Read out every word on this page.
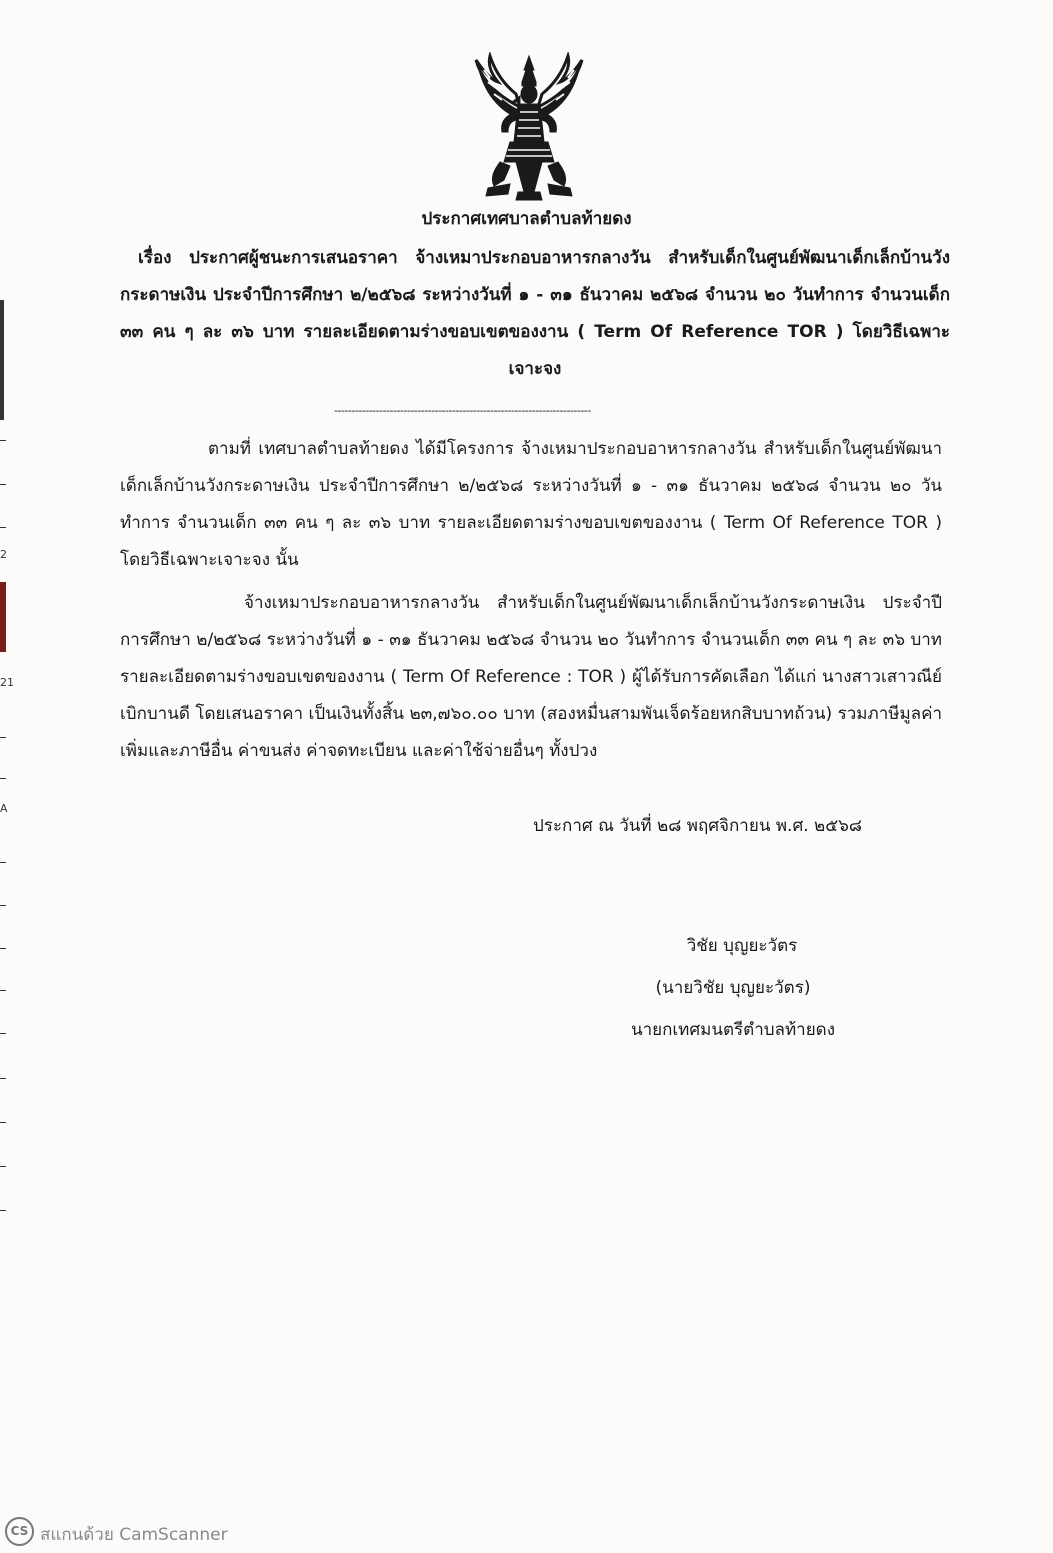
2
21
A
ประกาศเทศบาลตำบลท้ายดง
เรื่อง ประกาศผู้ชนะการเสนอราคา จ้างเหมาประกอบอาหารกลางวัน สำหรับเด็กในศูนย์พัฒนาเด็กเล็กบ้านวังกระดาษเงิน ประจำปีการศึกษา ๒/๒๕๖๘ ระหว่างวันที่ ๑ - ๓๑ ธันวาคม ๒๕๖๘ จำนวน ๒๐ วันทำการ จำนวนเด็ก ๓๓ คน ๆ ละ ๓๖ บาท รายละเอียดตามร่างขอบเขตของงาน ( Term Of Reference TOR ) โดยวิธีเฉพาะเจาะจง
--------------------------------------------------------------------------
ตามที่ เทศบาลตำบลท้ายดง ได้มีโครงการ จ้างเหมาประกอบอาหารกลางวัน สำหรับเด็กในศูนย์พัฒนาเด็กเล็กบ้านวังกระดาษเงิน ประจำปีการศึกษา ๒/๒๕๖๘ ระหว่างวันที่ ๑ - ๓๑ ธันวาคม ๒๕๖๘ จำนวน ๒๐ วันทำการ จำนวนเด็ก ๓๓ คน ๆ ละ ๓๖ บาท รายละเอียดตามร่างขอบเขตของงาน ( Term Of Reference TOR ) โดยวิธีเฉพาะเจาะจง นั้น
จ้างเหมาประกอบอาหารกลางวัน สำหรับเด็กในศูนย์พัฒนาเด็กเล็กบ้านวังกระดาษเงิน ประจำปีการศึกษา ๒/๒๕๖๘ ระหว่างวันที่ ๑ - ๓๑ ธันวาคม ๒๕๖๘ จำนวน ๒๐ วันทำการ จำนวนเด็ก ๓๓ คน ๆ ละ ๓๖ บาท รายละเอียดตามร่างขอบเขตของงาน ( Term Of Reference : TOR ) ผู้ได้รับการคัดเลือก ได้แก่ นางสาวเสาวณีย์ เบิกบานดี โดยเสนอราคา เป็นเงินทั้งสิ้น ๒๓,๗๖๐.๐๐ บาท (สองหมื่นสามพันเจ็ดร้อยหกสิบบาทถ้วน) รวมภาษีมูลค่าเพิ่มและภาษีอื่น ค่าขนส่ง ค่าจดทะเบียน และค่าใช้จ่ายอื่นๆ ทั้งปวง
ประกาศ ณ วันที่ ๒๘ พฤศจิกายน พ.ศ. ๒๕๖๘
วิชัย บุญยะวัตร
(นายวิชัย บุญยะวัตร)
นายกเทศมนตรีตำบลท้ายดง
CS สแกนด้วย CamScanner
